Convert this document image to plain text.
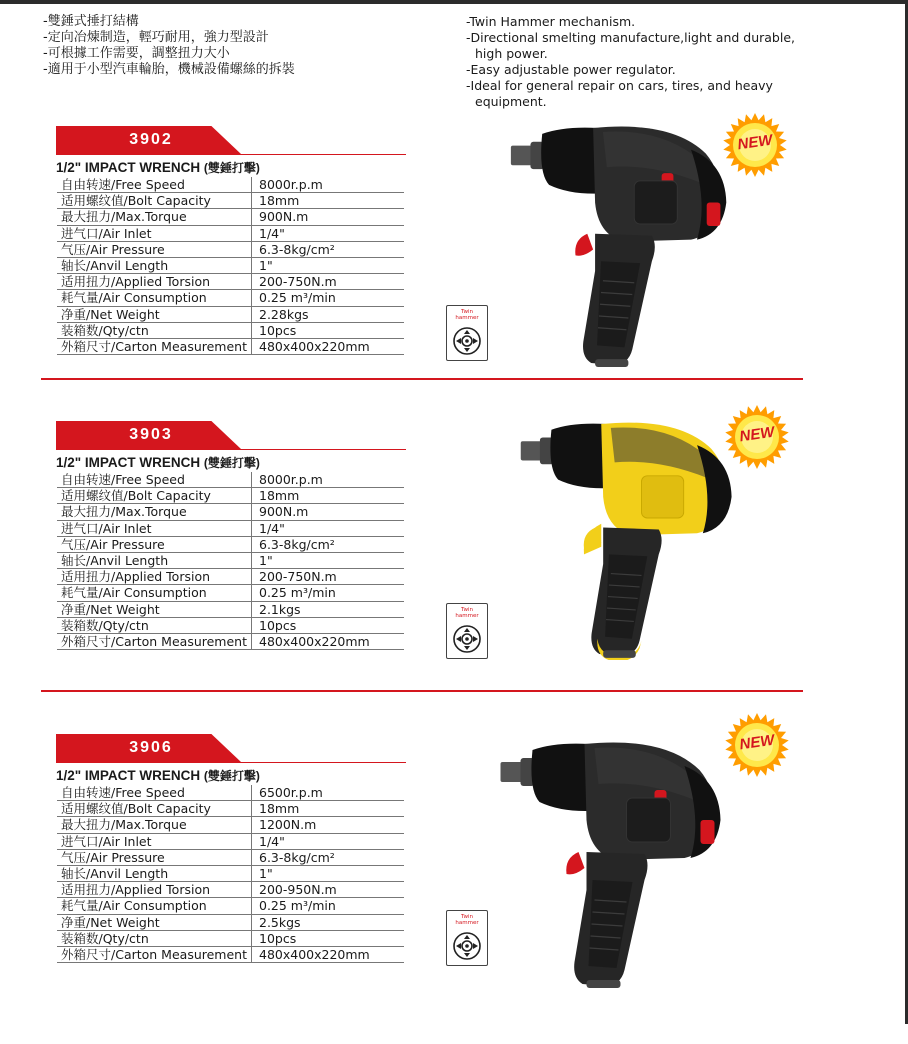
-雙錘式捶打結構
-定向冶煉制造，輕巧耐用，強力型設計
-可根據工作需要，調整扭力大小
-適用于小型汽車輪胎，機械設備螺絲的拆裝
-Twin Hammer mechanism.
-Directional smelting manufacture,light and durable, high power.
-Easy adjustable power regulator.
-Ideal for general repair on cars, tires, and heavy equipment.
3902
1/2" IMPACT WRENCH (雙錘打擊)
自由转速/Free Speed	8000r.p.m
适用螺纹值/Bolt Capacity	18mm
最大扭力/Max.Torque	900N.m
进气口/Air Inlet	1/4"
气压/Air Pressure	6.3-8kg/cm²
轴长/Anvil Length	1"
适用扭力/Applied Torsion	200-750N.m
耗气量/Air Consumption	0.25 m³/min
净重/Net Weight	2.28kgs
装箱数/Qty/ctn	10pcs
外箱尺寸/Carton Measurement	480x400x220mm
3903
1/2" IMPACT WRENCH (雙錘打擊)
自由转速/Free Speed	8000r.p.m
适用螺纹值/Bolt Capacity	18mm
最大扭力/Max.Torque	900N.m
进气口/Air Inlet	1/4"
气压/Air Pressure	6.3-8kg/cm²
轴长/Anvil Length	1"
适用扭力/Applied Torsion	200-750N.m
耗气量/Air Consumption	0.25 m³/min
净重/Net Weight	2.1kgs
装箱数/Qty/ctn	10pcs
外箱尺寸/Carton Measurement	480x400x220mm
3906
1/2" IMPACT WRENCH (雙錘打擊)
自由转速/Free Speed	6500r.p.m
适用螺纹值/Bolt Capacity	18mm
最大扭力/Max.Torque	1200N.m
进气口/Air Inlet	1/4"
气压/Air Pressure	6.3-8kg/cm²
轴长/Anvil Length	1"
适用扭力/Applied Torsion	200-950N.m
耗气量/Air Consumption	0.25 m³/min
净重/Net Weight	2.5kgs
装箱数/Qty/ctn	10pcs
外箱尺寸/Carton Measurement	480x400x220mm
Twin
hammer
NEW
Twin
hammer
NEW
Twin
hammer
NEW
